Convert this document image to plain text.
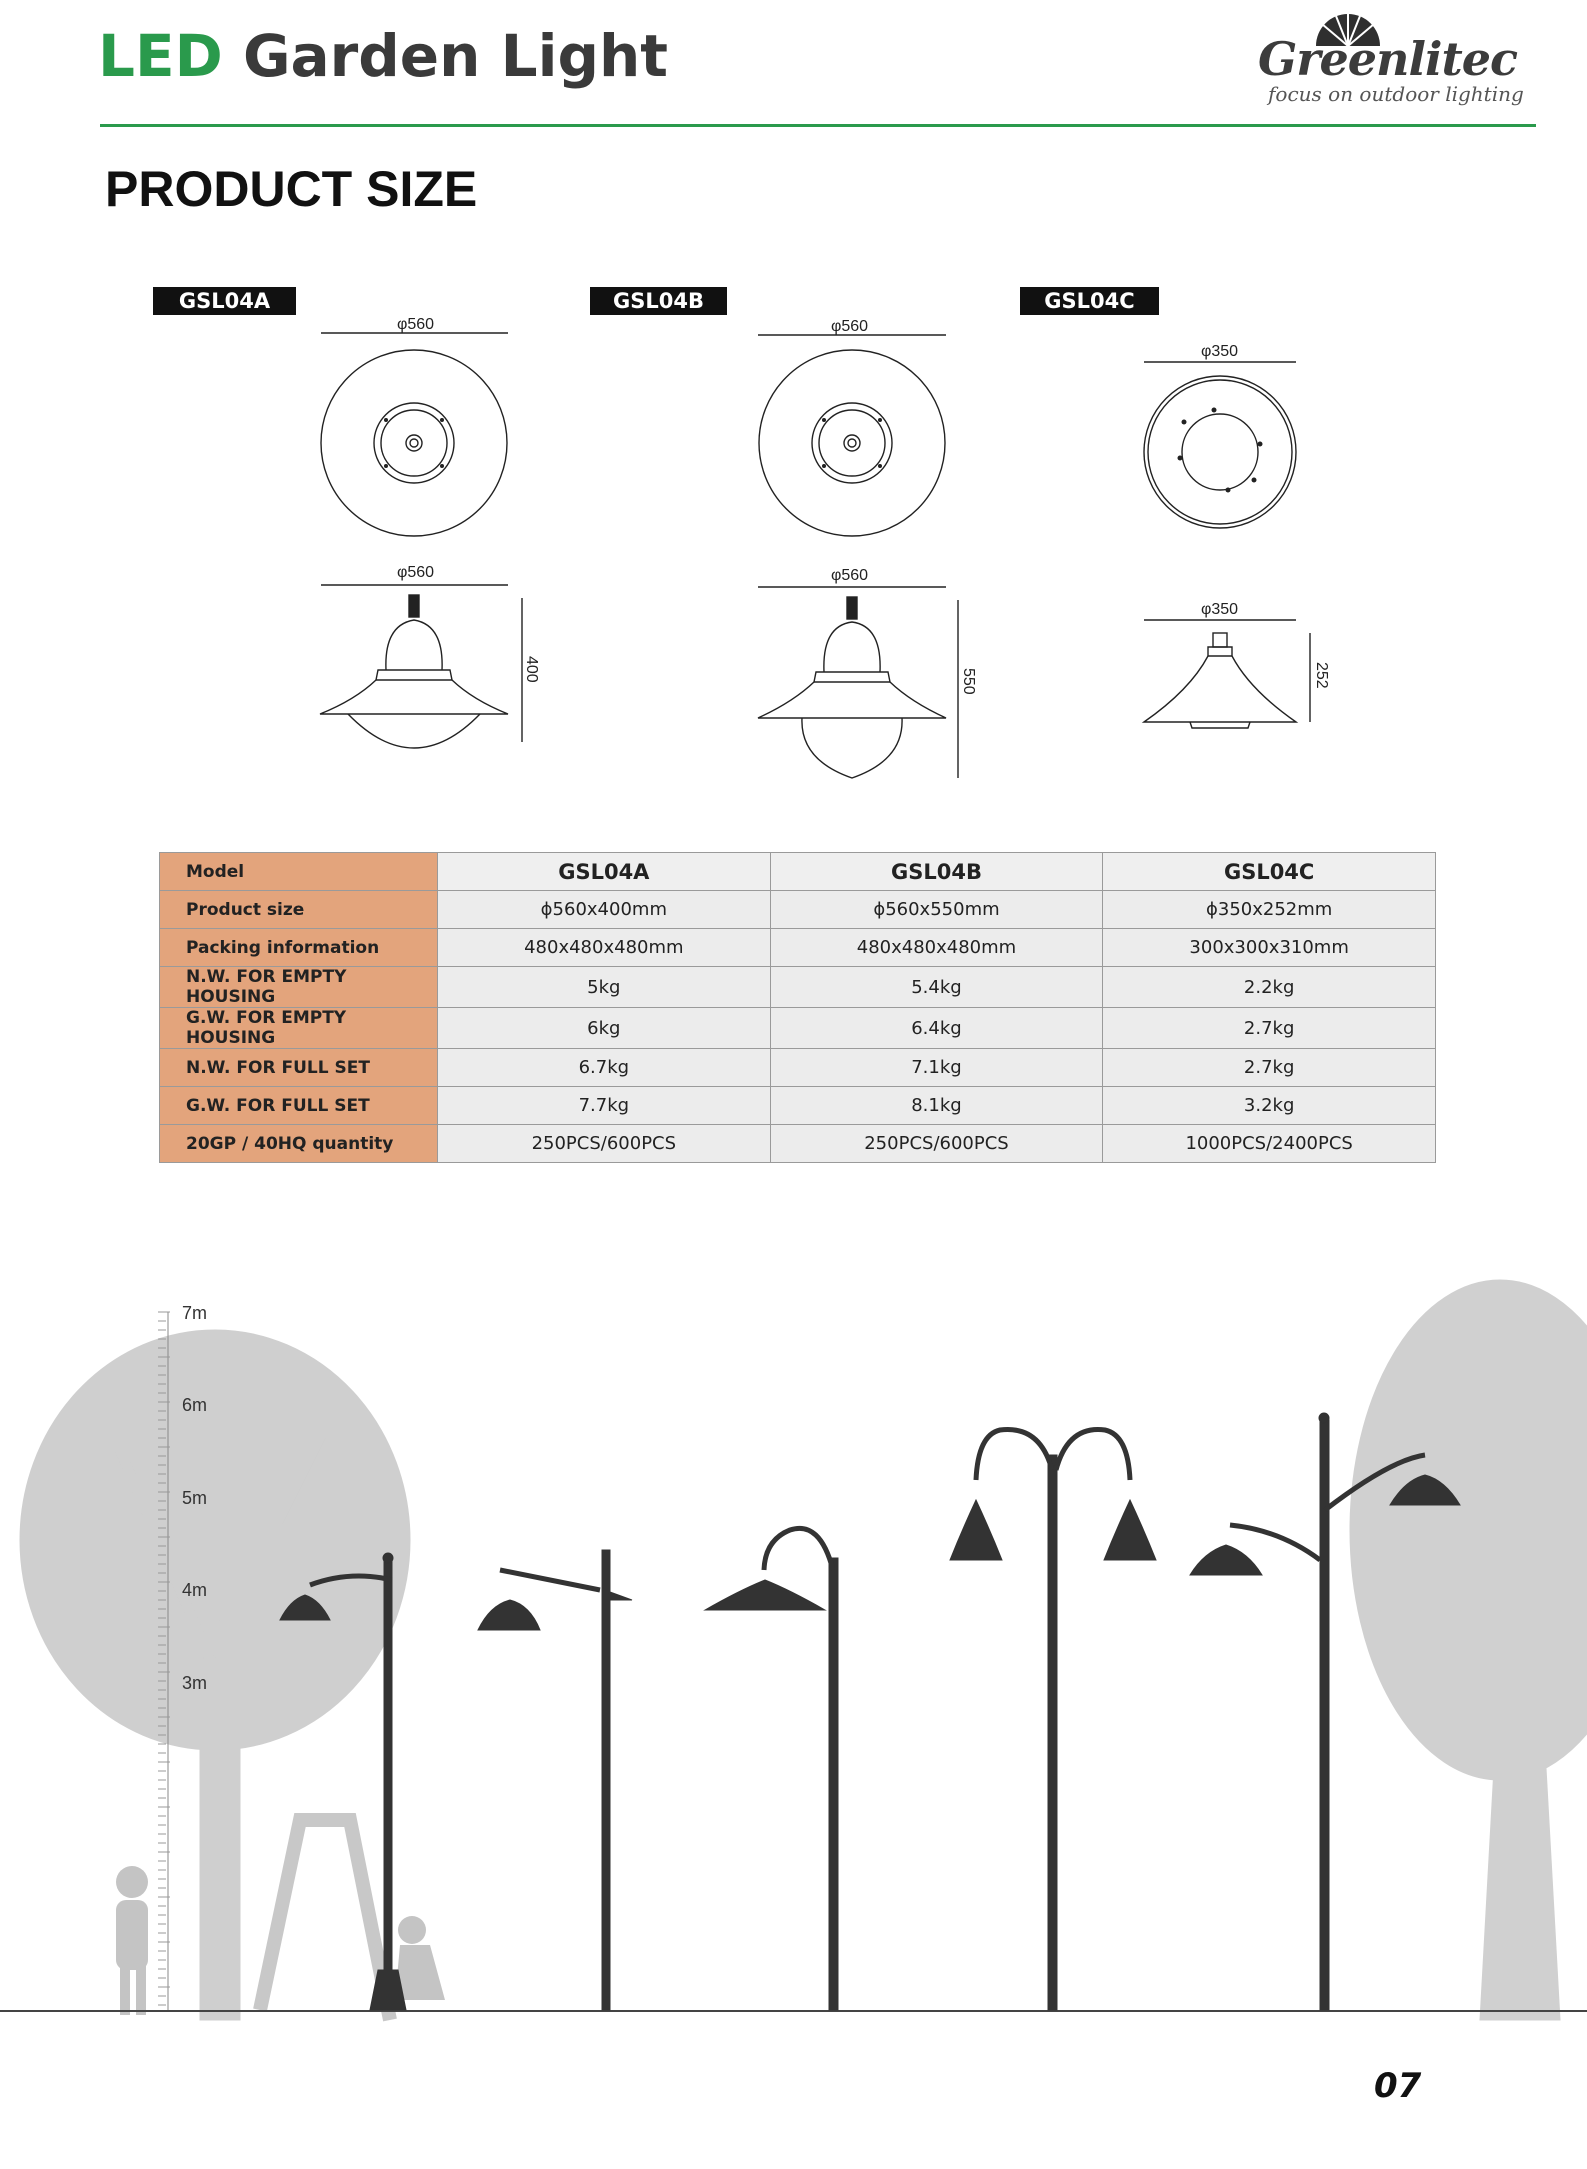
LED Garden Light	Greenlitec
focus on outdoor lighting
PRODUCT SIZE
GSL04A	GSL04B	GSL04C
φ560
φ560
400
φ560
φ560
550
φ350
φ350
252
Model	GSL04A	GSL04B	GSL04C
Product size	ϕ560x400mm	ϕ560x550mm	ϕ350x252mm
Packing information	480x480x480mm	480x480x480mm	300x300x310mm
N.W. FOR EMPTY HOUSING	5kg	5.4kg	2.2kg
G.W. FOR EMPTY HOUSING	6kg	6.4kg	2.7kg
N.W. FOR FULL SET	6.7kg	7.1kg	2.7kg
G.W. FOR FULL SET	7.7kg	8.1kg	3.2kg
20GP / 40HQ quantity	250PCS/600PCS	250PCS/600PCS	1000PCS/2400PCS
7m
6m
5m
4m
3m
07
